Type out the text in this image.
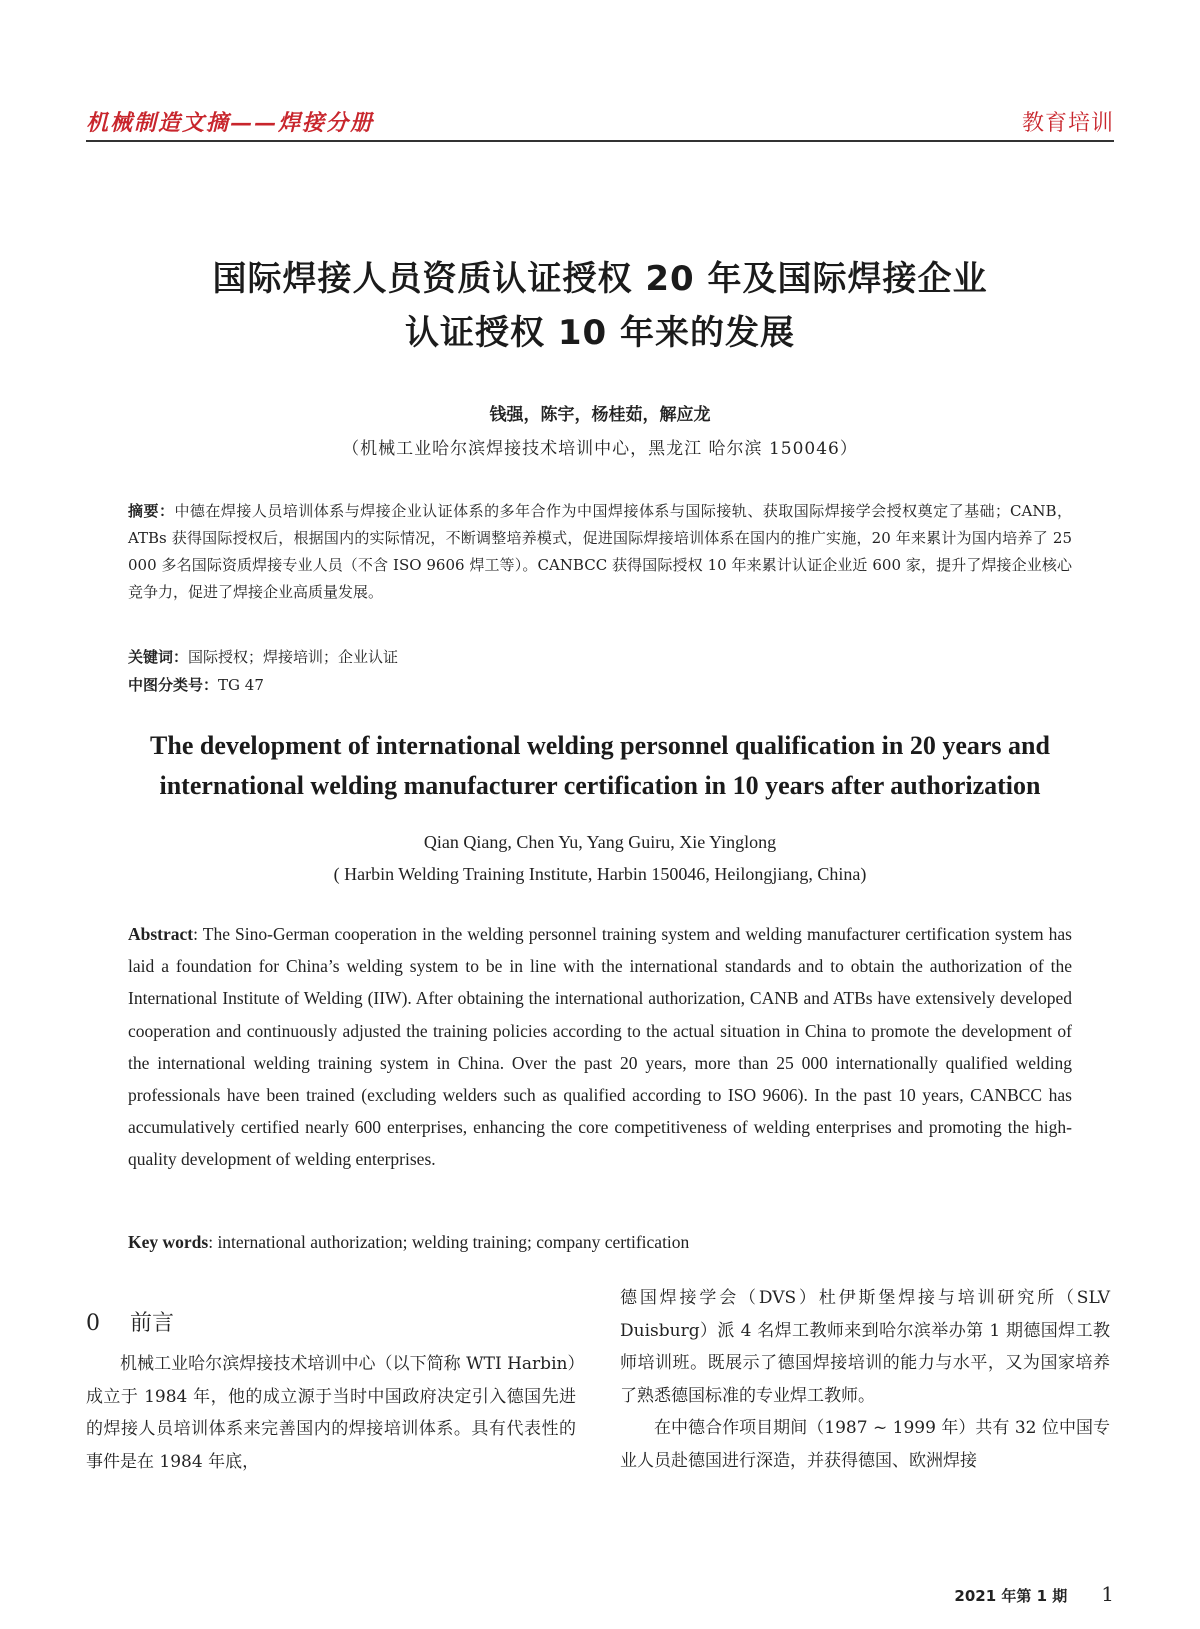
机械制造文摘——焊接分册	教育培训
国际焊接人员资质认证授权 20 年及国际焊接企业
认证授权 10 年来的发展
钱强，陈宇，杨桂茹，解应龙
（机械工业哈尔滨焊接技术培训中心，黑龙江 哈尔滨 150046）
摘要：中德在焊接人员培训体系与焊接企业认证体系的多年合作为中国焊接体系与国际接轨、获取国际焊接学会授权奠定了基础；CANB，ATBs 获得国际授权后，根据国内的实际情况，不断调整培养模式，促进国际焊接培训体系在国内的推广实施，20 年来累计为国内培养了 25 000 多名国际资质焊接专业人员（不含 ISO 9606 焊工等）。CANBCC 获得国际授权 10 年来累计认证企业近 600 家，提升了焊接企业核心竞争力，促进了焊接企业高质量发展。
关键词：国际授权；焊接培训；企业认证
中图分类号：TG 47
The development of international welding personnel qualification in 20 years and
international welding manufacturer certification in 10 years after authorization
Qian Qiang, Chen Yu, Yang Guiru, Xie Yinglong
( Harbin Welding Training Institute, Harbin 150046, Heilongjiang, China)
Abstract: The Sino-German cooperation in the welding personnel training system and welding manufacturer certification system has laid a foundation for China’s welding system to be in line with the international standards and to obtain the authorization of the International Institute of Welding (IIW). After obtaining the international authorization, CANB and ATBs have extensively developed cooperation and continuously adjusted the training policies according to the actual situation in China to promote the development of the international welding training system in China. Over the past 20 years, more than 25 000 internationally qualified welding professionals have been trained (excluding welders such as qualified according to ISO 9606). In the past 10 years, CANBCC has accumulatively certified nearly 600 enterprises, enhancing the core competitiveness of welding enterprises and promoting the high-quality development of welding enterprises.
Key words: international authorization; welding training; company certification
0 前言

机械工业哈尔滨焊接技术培训中心（以下简称 WTI Harbin）成立于 1984 年，他的成立源于当时中国政府决定引入德国先进的焊接人员培训体系来完善国内的焊接培训体系。具有代表性的事件是在 1984 年底，

德国焊接学会（DVS）杜伊斯堡焊接与培训研究所（SLV Duisburg）派 4 名焊工教师来到哈尔滨举办第 1 期德国焊工教师培训班。既展示了德国焊接培训的能力与水平，又为国家培养了熟悉德国标准的专业焊工教师。

在中德合作项目期间（1987 ~ 1999 年）共有 32 位中国专业人员赴德国进行深造，并获得德国、欧洲焊接

2021 年第 1 期 1
